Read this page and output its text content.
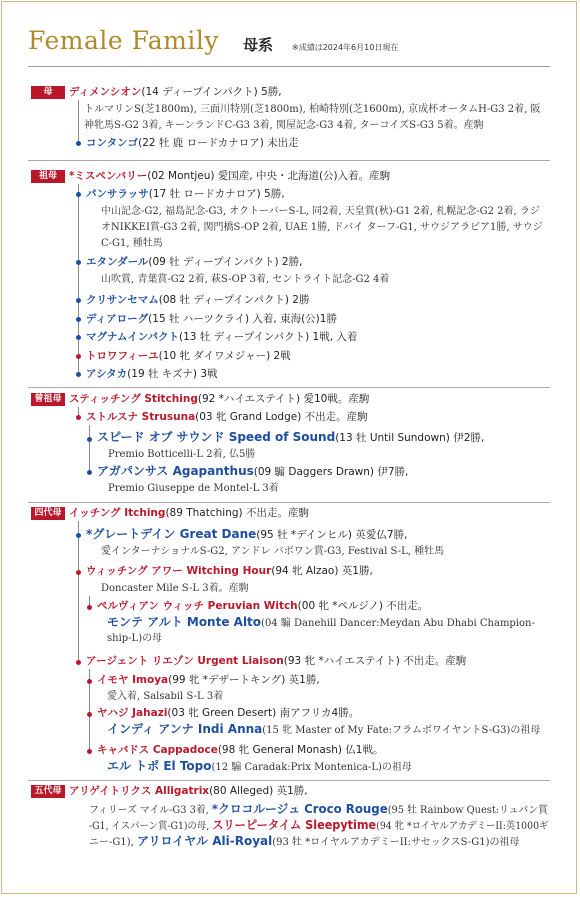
Female Family 母系 ※成績は2024年6月10日現在
母	ディメンシオン(14 ディープインパクト) 5勝,
トルマリンS(芝1800m), 三面川特別(芝1800m), 柏崎特別(芝1600m), 京成杯オータムH-G3 2着, 阪
神牝馬S-G2 3着, キーンランドC-G3 3着, 関屋記念-G3 4着, ターコイズS-G3 5着。産駒
コンタンゴ(22 牡 鹿 ロードカナロア) 未出走
祖母	*ミスペンバリー(02 Montjeu) 愛国産, 中央・北海道(公)入着。産駒
パンサラッサ(17 牡 ロードカナロア) 5勝,
中山記念-G2, 福島記念-G3, オクトーバーS-L, 同2着, 天皇賞(秋)-G1 2着, 札幌記念-G2 2着, ラジ
オNIKKEI賞-G3 2着, 関門橋S-OP 2着, UAE 1勝, ドバイ ターフ-G1, サウジアラビア1勝, サウジ
C-G1, 種牡馬
エタンダール(09 牡 ディープインパクト) 2勝,
山吹賞, 青葉賞-G2 2着, 萩S-OP 3着, セントライト記念-G2 4着
クリサンセマム(08 牡 ディープインパクト) 2勝
ディアローグ(15 牡 ハーツクライ) 入着, 東海(公)1勝
マグナムインパクト(13 牡 ディープインパクト) 1戦, 入着
トロワフィーユ(10 牝 ダイワメジャー) 2戦
アシタカ(19 牡 キズナ) 3戦
曾祖母 スティッチング Stitching(92 *ハイエステイト) 愛10戦。産駒
ストルスナ Strusuna(03 牝 Grand Lodge) 不出走。産駒
スピード オブ サウンド Speed of Sound(13 牡 Until Sundown) 伊2勝,
Premio Botticelli-L 2着, 仏5勝
アガパンサス Agapanthus(09 騸 Daggers Drawn) 伊7勝,
Premio Giuseppe de Montel-L 3着
四代母 イッチング Itching(89 Thatching) 不出走。産駒
*グレートデイン Great Dane(95 牡 *デインヒル) 英愛仏7勝,
愛インターナショナルS-G2, アンドレ バボワン賞-G3, Festival S-L, 種牡馬
ウィッチング アワー Witching Hour(94 牝 Alzao) 英1勝,
Doncaster Mile S-L 3着。産駒
ペルヴィアン ウィッチ Peruvian Witch(00 牝 *ペルジノ) 不出走。
モンテ アルト Monte Alto(04 騸 Danehill Dancer:Meydan Abu Dhabi Champion-
ship-L)の母
アージェント リエゾン Urgent Liaison(93 牝 *ハイエステイト) 不出走。産駒
イモヤ Imoya(99 牝 *デザートキング) 英1勝,
愛入着, Salsabil S-L 3着
ヤハジ Jahazi(03 牝 Green Desert) 南アフリカ4勝。
インディ アンナ Indi Anna(15 牝 Master of My Fate:フラムボワイヤントS-G3)の祖母
キャバドス Cappadoce(98 牝 General Monash) 仏1戦。
エル トポ El Topo(12 騸 Caradak:Prix Montenica-L)の祖母
五代母 アリゲイトリクス Alligatrix(80 Alleged) 英1勝,
フィリーズ マイル-G3 3着, *クロコルージュ Croco Rouge(95 牡 Rainbow Quest:リュパン賞
-G1, イスパーン賞-G1)の母, スリーピータイム Sleepytime(94 牝 *ロイヤルアカデミーII:英1000ギ
ニー-G1), アリロイヤル Ali-Royal(93 牡 *ロイヤルアカデミーII:サセックスS-G1)の祖母
